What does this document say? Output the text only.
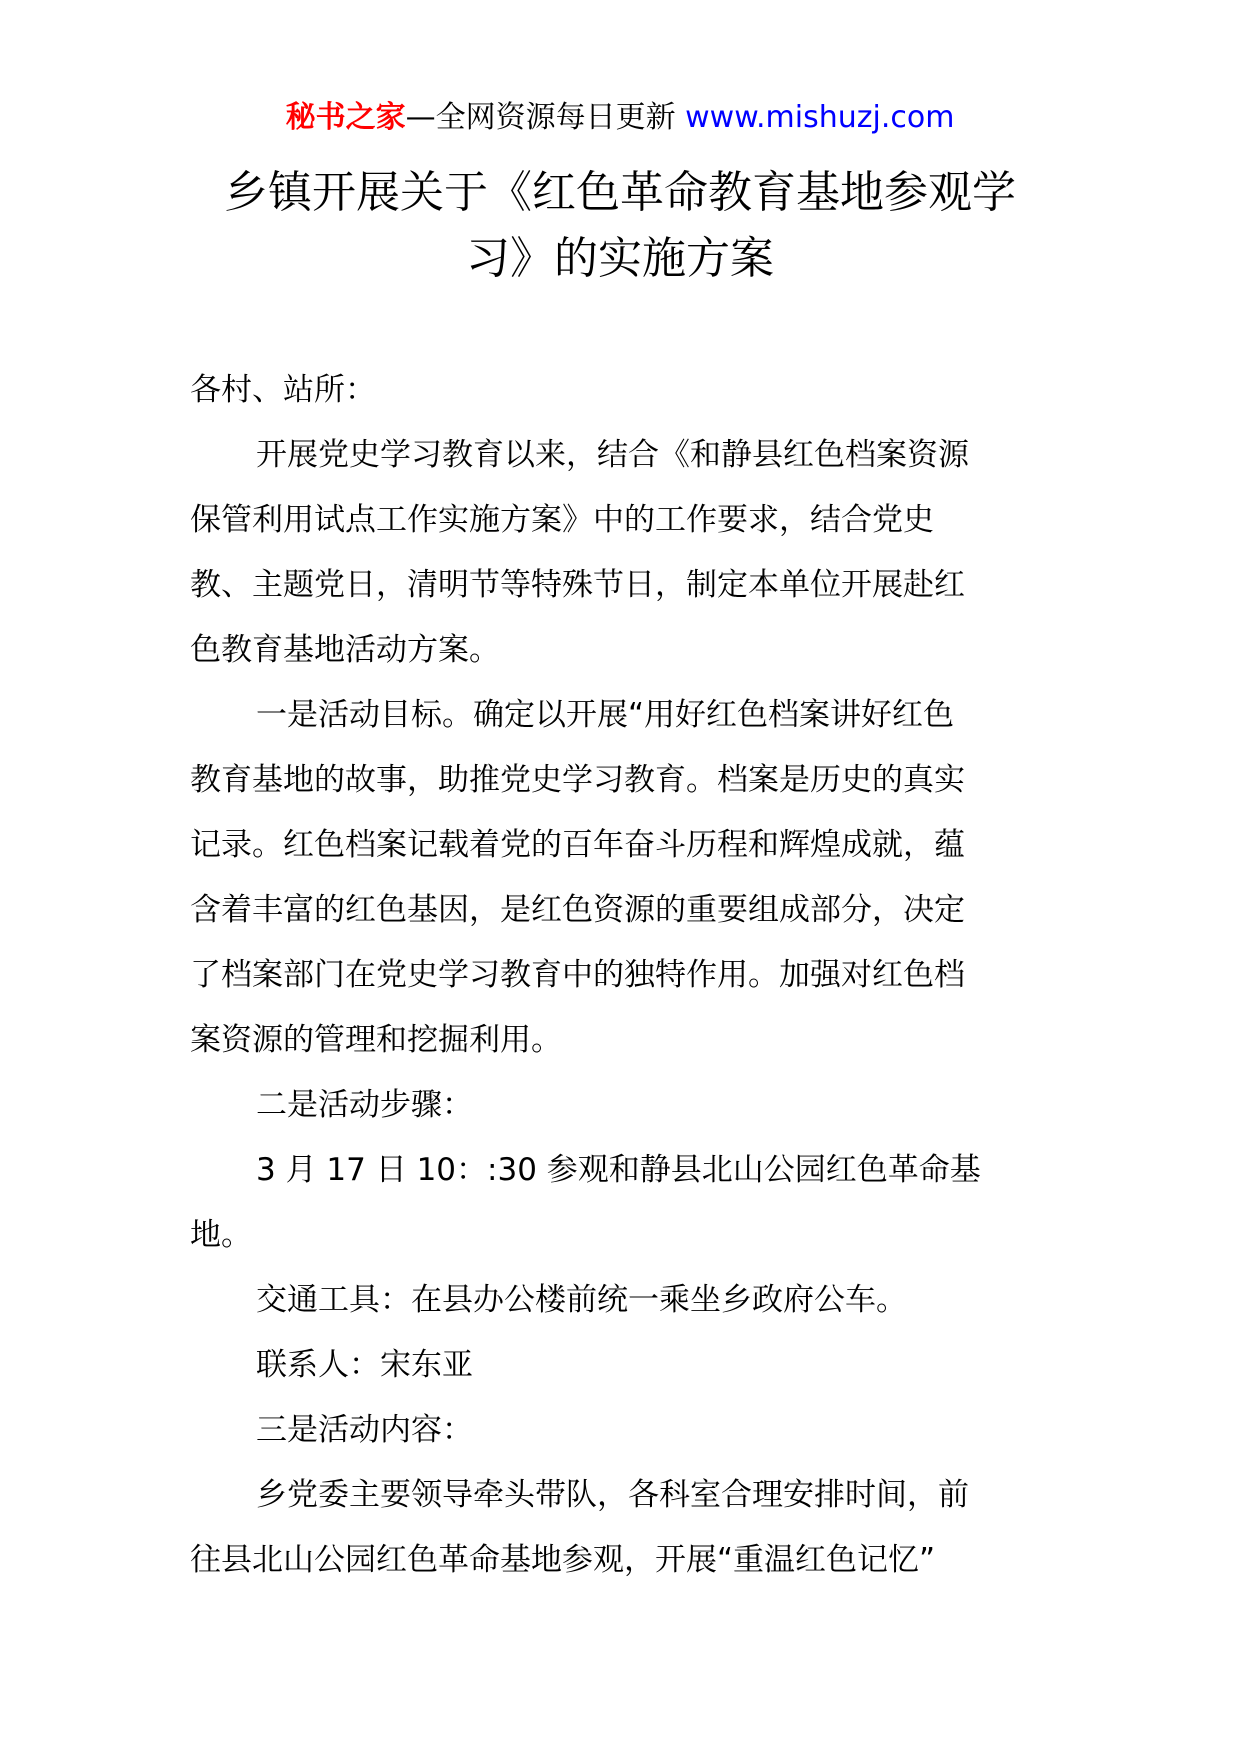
秘书之家—全网资源每日更新 www.mishuzj.com
乡镇开展关于《红色革命教育基地参观学
习》的实施方案

各村、站所：

开展党史学习教育以来，结合《和静县红色档案资源
保管利用试点工作实施方案》中的工作要求，结合党史
教、主题党日，清明节等特殊节日，制定本单位开展赴红
色教育基地活动方案。

一是活动目标。确定以开展“用好红色档案讲好红色
教育基地的故事，助推党史学习教育。档案是历史的真实
记录。红色档案记载着党的百年奋斗历程和辉煌成就，蕴
含着丰富的红色基因，是红色资源的重要组成部分，决定
了档案部门在党史学习教育中的独特作用。加强对红色档
案资源的管理和挖掘利用。

二是活动步骤：

3 月 17 日 10：:30 参观和静县北山公园红色革命基
地。

交通工具：在县办公楼前统一乘坐乡政府公车。

联系人：宋东亚

三是活动内容：

乡党委主要领导牵头带队，各科室合理安排时间，前
往县北山公园红色革命基地参观，开展“重温红色记忆”
